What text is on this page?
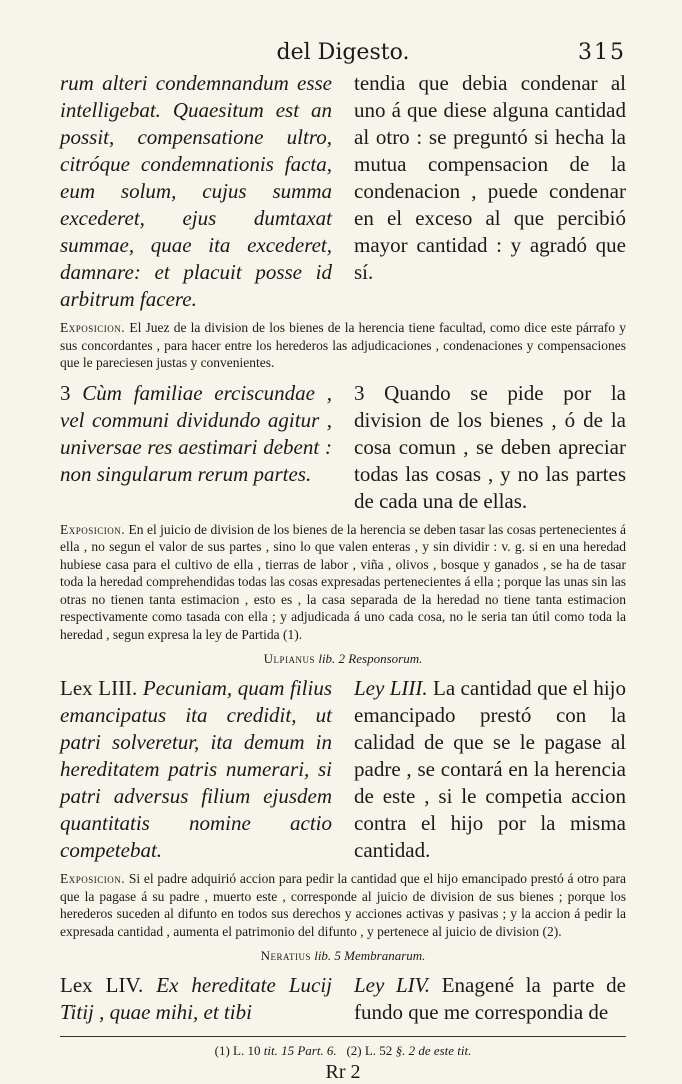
del Digesto.	315
rum alteri condemnandum esse intelligebat. Quaesitum est an possit, compensatione ultro, citróque condemnationis facta, eum solum, cujus summa excederet, ejus dumtaxat summae, quae ita excederet, damnare: et placuit posse id arbitrum facere.
tendia que debia condenar al uno á que diese alguna cantidad al otro : se preguntó si hecha la mutua compensacion de la condenacion , puede condenar en el exceso al que percibió mayor cantidad : y agradó que sí.
Exposicion. El Juez de la division de los bienes de la herencia tiene facultad, como dice este párrafo y sus concordantes , para hacer entre los herederos las adjudicaciones , condenaciones y compensaciones que le pareciesen justas y convenientes.
3 Cùm familiae erciscundae , vel communi dividundo agitur , universae res aestimari debent : non singularum rerum partes.
3 Quando se pide por la division de los bienes , ó de la cosa comun , se deben apreciar todas las cosas , y no las partes de cada una de ellas.
Exposicion. En el juicio de division de los bienes de la herencia se deben tasar las cosas pertenecientes á ella , no segun el valor de sus partes , sino lo que valen enteras , y sin dividir : v. g. si en una heredad hubiese casa para el cultivo de ella , tierras de labor , viña , olivos , bosque y ganados , se ha de tasar toda la heredad comprehendidas todas las cosas expresadas pertenecientes á ella ; porque las unas sin las otras no tienen tanta estimacion , esto es , la casa separada de la heredad no tiene tanta estimacion respectivamente como tasada con ella ; y adjudicada á uno cada cosa, no le seria tan útil como toda la heredad , segun expresa la ley de Partida (1).
Ulpianus lib. 2 Responsorum.
Lex LIII. Pecuniam, quam filius emancipatus ita credidit, ut patri solveretur, ita demum in hereditatem patris numerari, si patri adversus filium ejusdem quantitatis nomine actio competebat.
Ley LIII. La cantidad que el hijo emancipado prestó con la calidad de que se le pagase al padre , se contará en la herencia de este , si le competia accion contra el hijo por la misma cantidad.
Exposicion. Si el padre adquirió accion para pedir la cantidad que el hijo emancipado prestó á otro para que la pagase á su padre , muerto este , corresponde al juicio de division de sus bienes ; porque los herederos suceden al difunto en todos sus derechos y acciones activas y pasivas ; y la accion á pedir la expresada cantidad , aumenta el patrimonio del difunto , y pertenece al juicio de division (2).
Neratius lib. 5 Membranarum.
Lex LIV. Ex hereditate Lucij Titij , quae mihi, et tibi
Ley LIV. Enagené la parte de fundo que me correspondia de
(1) L. 10 tit. 15 Part. 6.   (2) L. 52 §. 2 de este tit.
Rr 2
